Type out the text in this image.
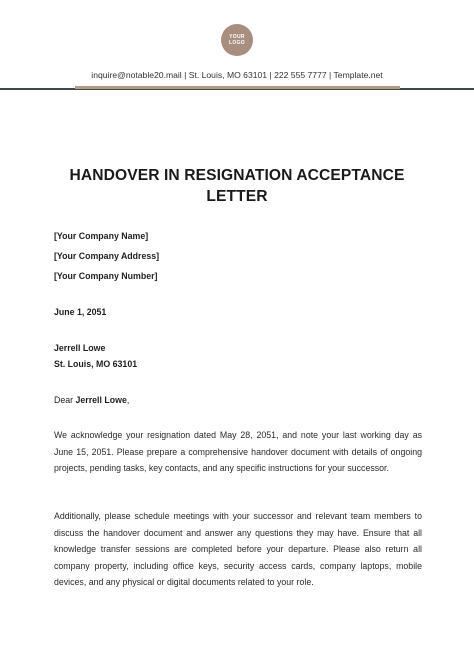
YOUR
LOGO
inquire@notable20.mail | St. Louis, MO 63101 | 222 555 7777 | Template.net
HANDOVER IN RESIGNATION ACCEPTANCE
LETTER
[Your Company Name]
[Your Company Address]
[Your Company Number]
June 1, 2051
Jerrell Lowe
St. Louis, MO 63101
Dear Jerrell Lowe,
We acknowledge your resignation dated May 28, 2051, and note your last working day as June 15, 2051. Please prepare a comprehensive handover document with details of ongoing projects, pending tasks, key contacts, and any specific instructions for your successor.
Additionally, please schedule meetings with your successor and relevant team members to discuss the handover document and answer any questions they may have. Ensure that all knowledge transfer sessions are completed before your departure. Please also return all company property, including office keys, security access cards, company laptops, mobile devices, and any physical or digital documents related to your role.
